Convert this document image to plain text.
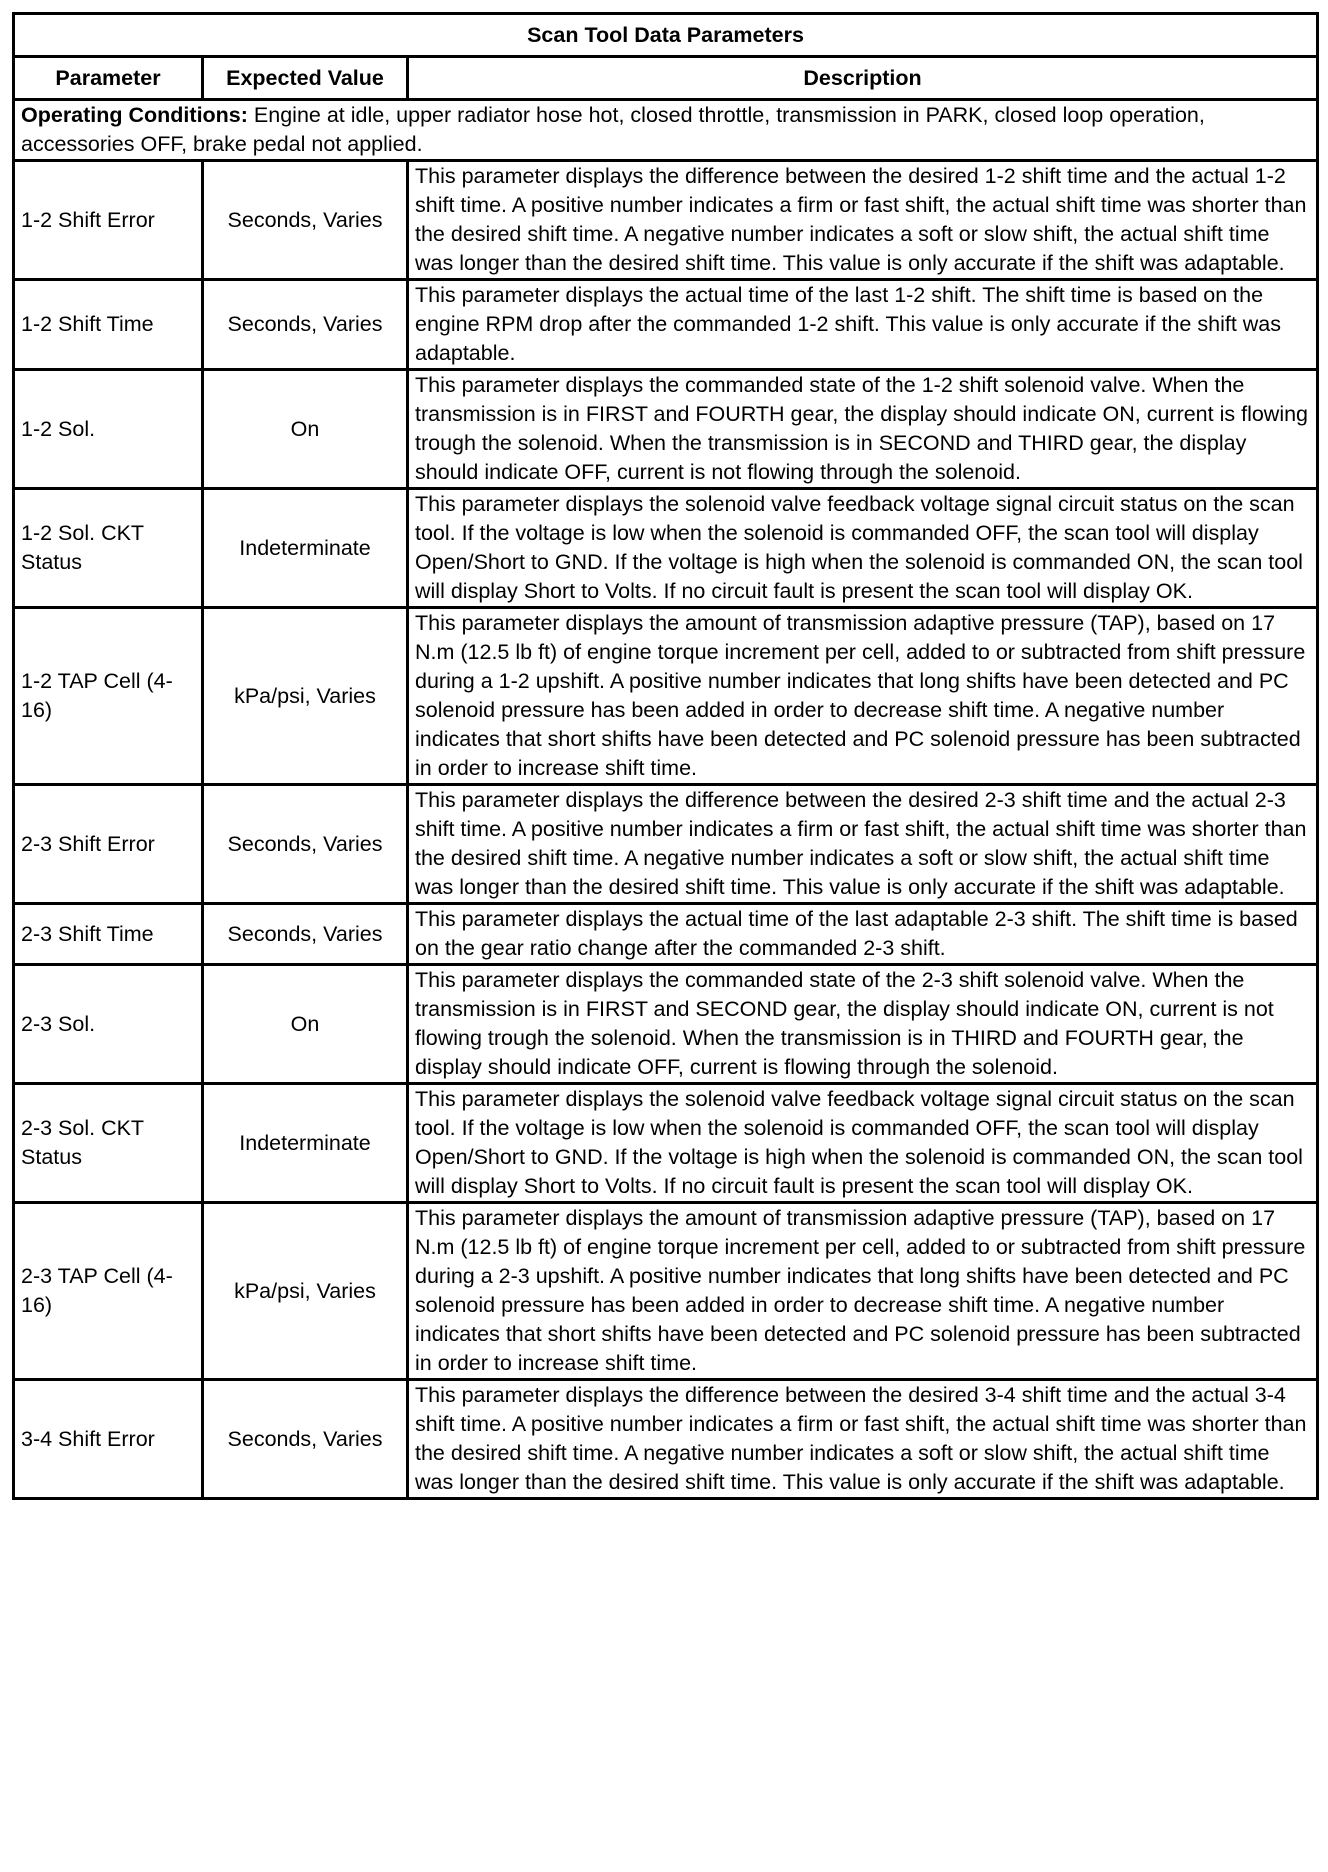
Scan Tool Data Parameters		
Parameter	Expected Value	Description
Operating Conditions: Engine at idle, upper radiator hose hot, closed throttle, transmission in PARK, closed loop operation, accessories OFF, brake pedal not applied.		
1-2 Shift Error	Seconds, Varies	This parameter displays the difference between the desired 1-2 shift time and the actual 1-2 shift time. A positive number indicates a firm or fast shift, the actual shift time was shorter than the desired shift time. A negative number indicates a soft or slow shift, the actual shift time was longer than the desired shift time. This value is only accurate if the shift was adaptable.
1-2 Shift Time	Seconds, Varies	This parameter displays the actual time of the last 1-2 shift. The shift time is based on the engine RPM drop after the commanded 1-2 shift. This value is only accurate if the shift was adaptable.
1-2 Sol.	On	This parameter displays the commanded state of the 1-2 shift solenoid valve. When the transmission is in FIRST and FOURTH gear, the display should indicate ON, current is flowing trough the solenoid. When the transmission is in SECOND and THIRD gear, the display should indicate OFF, current is not flowing through the solenoid.
1-2 Sol. CKT Status	Indeterminate	This parameter displays the solenoid valve feedback voltage signal circuit status on the scan tool. If the voltage is low when the solenoid is commanded OFF, the scan tool will display Open/Short to GND. If the voltage is high when the solenoid is commanded ON, the scan tool will display Short to Volts. If no circuit fault is present the scan tool will display OK.
1-2 TAP Cell (4-16)	kPa/psi, Varies	This parameter displays the amount of transmission adaptive pressure (TAP), based on 17 N.m (12.5 lb ft) of engine torque increment per cell, added to or subtracted from shift pressure during a 1-2 upshift. A positive number indicates that long shifts have been detected and PC solenoid pressure has been added in order to decrease shift time. A negative number indicates that short shifts have been detected and PC solenoid pressure has been subtracted in order to increase shift time.
2-3 Shift Error	Seconds, Varies	This parameter displays the difference between the desired 2-3 shift time and the actual 2-3 shift time. A positive number indicates a firm or fast shift, the actual shift time was shorter than the desired shift time. A negative number indicates a soft or slow shift, the actual shift time was longer than the desired shift time. This value is only accurate if the shift was adaptable.
2-3 Shift Time	Seconds, Varies	This parameter displays the actual time of the last adaptable 2-3 shift. The shift time is based on the gear ratio change after the commanded 2-3 shift.
2-3 Sol.	On	This parameter displays the commanded state of the 2-3 shift solenoid valve. When the transmission is in FIRST and SECOND gear, the display should indicate ON, current is not flowing trough the solenoid. When the transmission is in THIRD and FOURTH gear, the display should indicate OFF, current is flowing through the solenoid.
2-3 Sol. CKT Status	Indeterminate	This parameter displays the solenoid valve feedback voltage signal circuit status on the scan tool. If the voltage is low when the solenoid is commanded OFF, the scan tool will display Open/Short to GND. If the voltage is high when the solenoid is commanded ON, the scan tool will display Short to Volts. If no circuit fault is present the scan tool will display OK.
2-3 TAP Cell (4-16)	kPa/psi, Varies	This parameter displays the amount of transmission adaptive pressure (TAP), based on 17 N.m (12.5 lb ft) of engine torque increment per cell, added to or subtracted from shift pressure during a 2-3 upshift. A positive number indicates that long shifts have been detected and PC solenoid pressure has been added in order to decrease shift time. A negative number indicates that short shifts have been detected and PC solenoid pressure has been subtracted in order to increase shift time.
3-4 Shift Error	Seconds, Varies	This parameter displays the difference between the desired 3-4 shift time and the actual 3-4 shift time. A positive number indicates a firm or fast shift, the actual shift time was shorter than the desired shift time. A negative number indicates a soft or slow shift, the actual shift time was longer than the desired shift time. This value is only accurate if the shift was adaptable.
